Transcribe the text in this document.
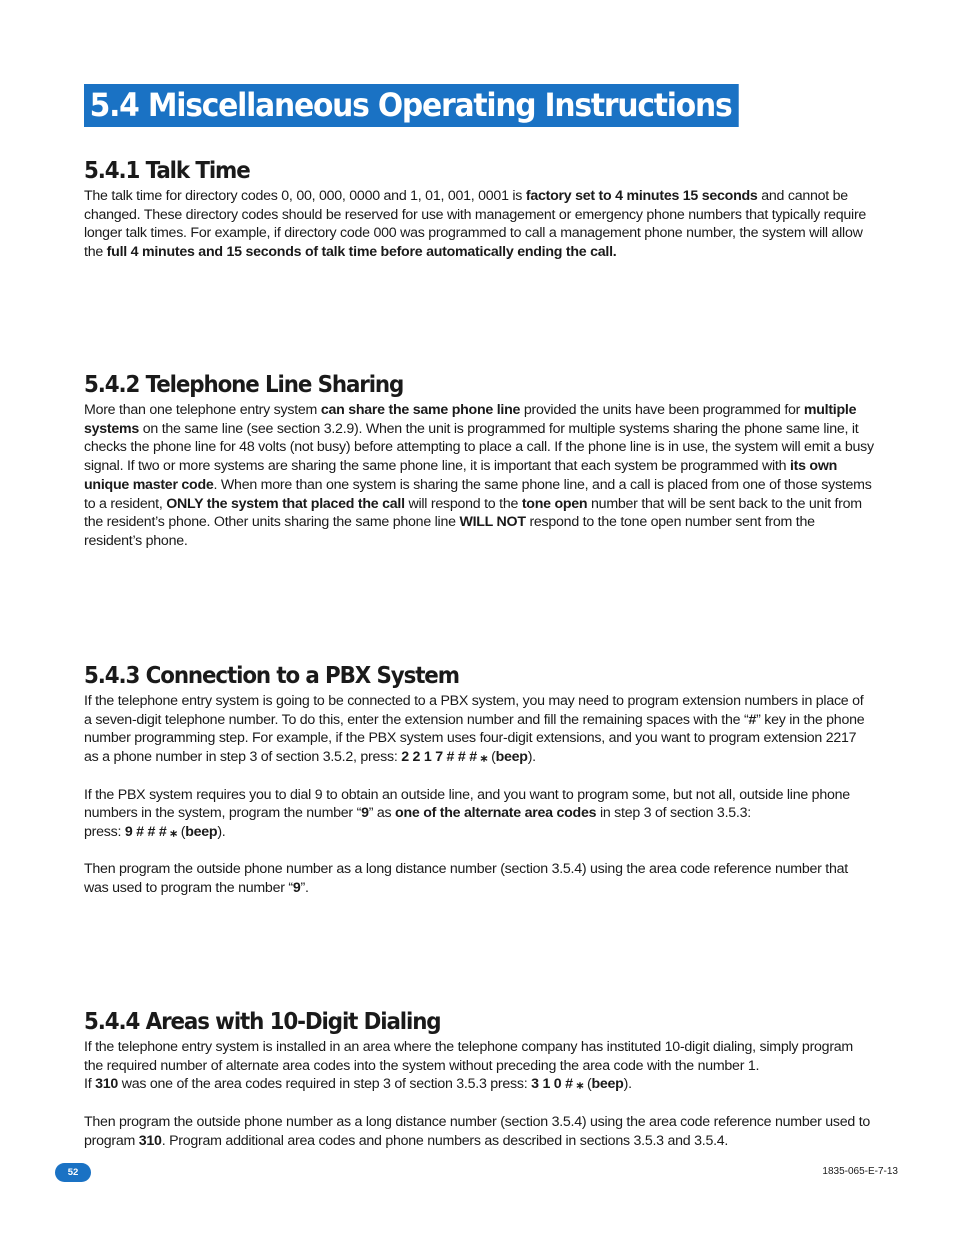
5.4 Miscellaneous Operating Instructions
5.4.1 Talk Time

The talk time for directory codes 0, 00, 000, 0000 and 1, 01, 001, 0001 is factory set to 4 minutes 15 seconds and cannot be changed. These directory codes should be reserved for use with management or emergency phone numbers that typically require longer talk times. For example, if directory code 000 was programmed to call a management phone number, the system will allow the full 4 minutes and 15 seconds of talk time before automatically ending the call.

5.4.2 Telephone Line Sharing

More than one telephone entry system can share the same phone line provided the units have been programmed for multiple systems on the same line (see section 3.2.9). When the unit is programmed for multiple systems sharing the phone same line, it checks the phone line for 48 volts (not busy) before attempting to place a call. If the phone line is in use, the system will emit a busy signal. If two or more systems are sharing the same phone line, it is important that each system be programmed with its own unique master code. When more than one system is sharing the same phone line, and a call is placed from one of those systems to a resident, ONLY the system that placed the call will respond to the tone open number that will be sent back to the unit from the resident’s phone. Other units sharing the same phone line WILL NOT respond to the tone open number sent from the resident’s phone.

5.4.3 Connection to a PBX System

If the telephone entry system is going to be connected to a PBX system, you may need to program extension numbers in place of a seven-digit telephone number. To do this, enter the extension number and fill the remaining spaces with the “#” key in the phone number programming step. For example, if the PBX system uses four-digit extensions, and you want to program extension 2217 as a phone number in step 3 of section 3.5.2, press: 2 2 1 7 # # # ⁎ (beep).

If the PBX system requires you to dial 9 to obtain an outside line, and you want to program some, but not all, outside line phone numbers in the system, program the number “9” as one of the alternate area codes in step 3 of section 3.5.3:
press: 9 # # # ⁎ (beep).

Then program the outside phone number as a long distance number (section 3.5.4) using the area code reference number that was used to program the number “9”.

5.4.4 Areas with 10-Digit Dialing

If the telephone entry system is installed in an area where the telephone company has instituted 10-digit dialing, simply program the required number of alternate area codes into the system without preceding the area code with the number 1.
If 310 was one of the area codes required in step 3 of section 3.5.3 press: 3 1 0 # ⁎ (beep).

Then program the outside phone number as a long distance number (section 3.5.4) using the area code reference number used to program 310. Program additional area codes and phone numbers as described in sections 3.5.3 and 3.5.4.

52	1835-065-E-7-13
